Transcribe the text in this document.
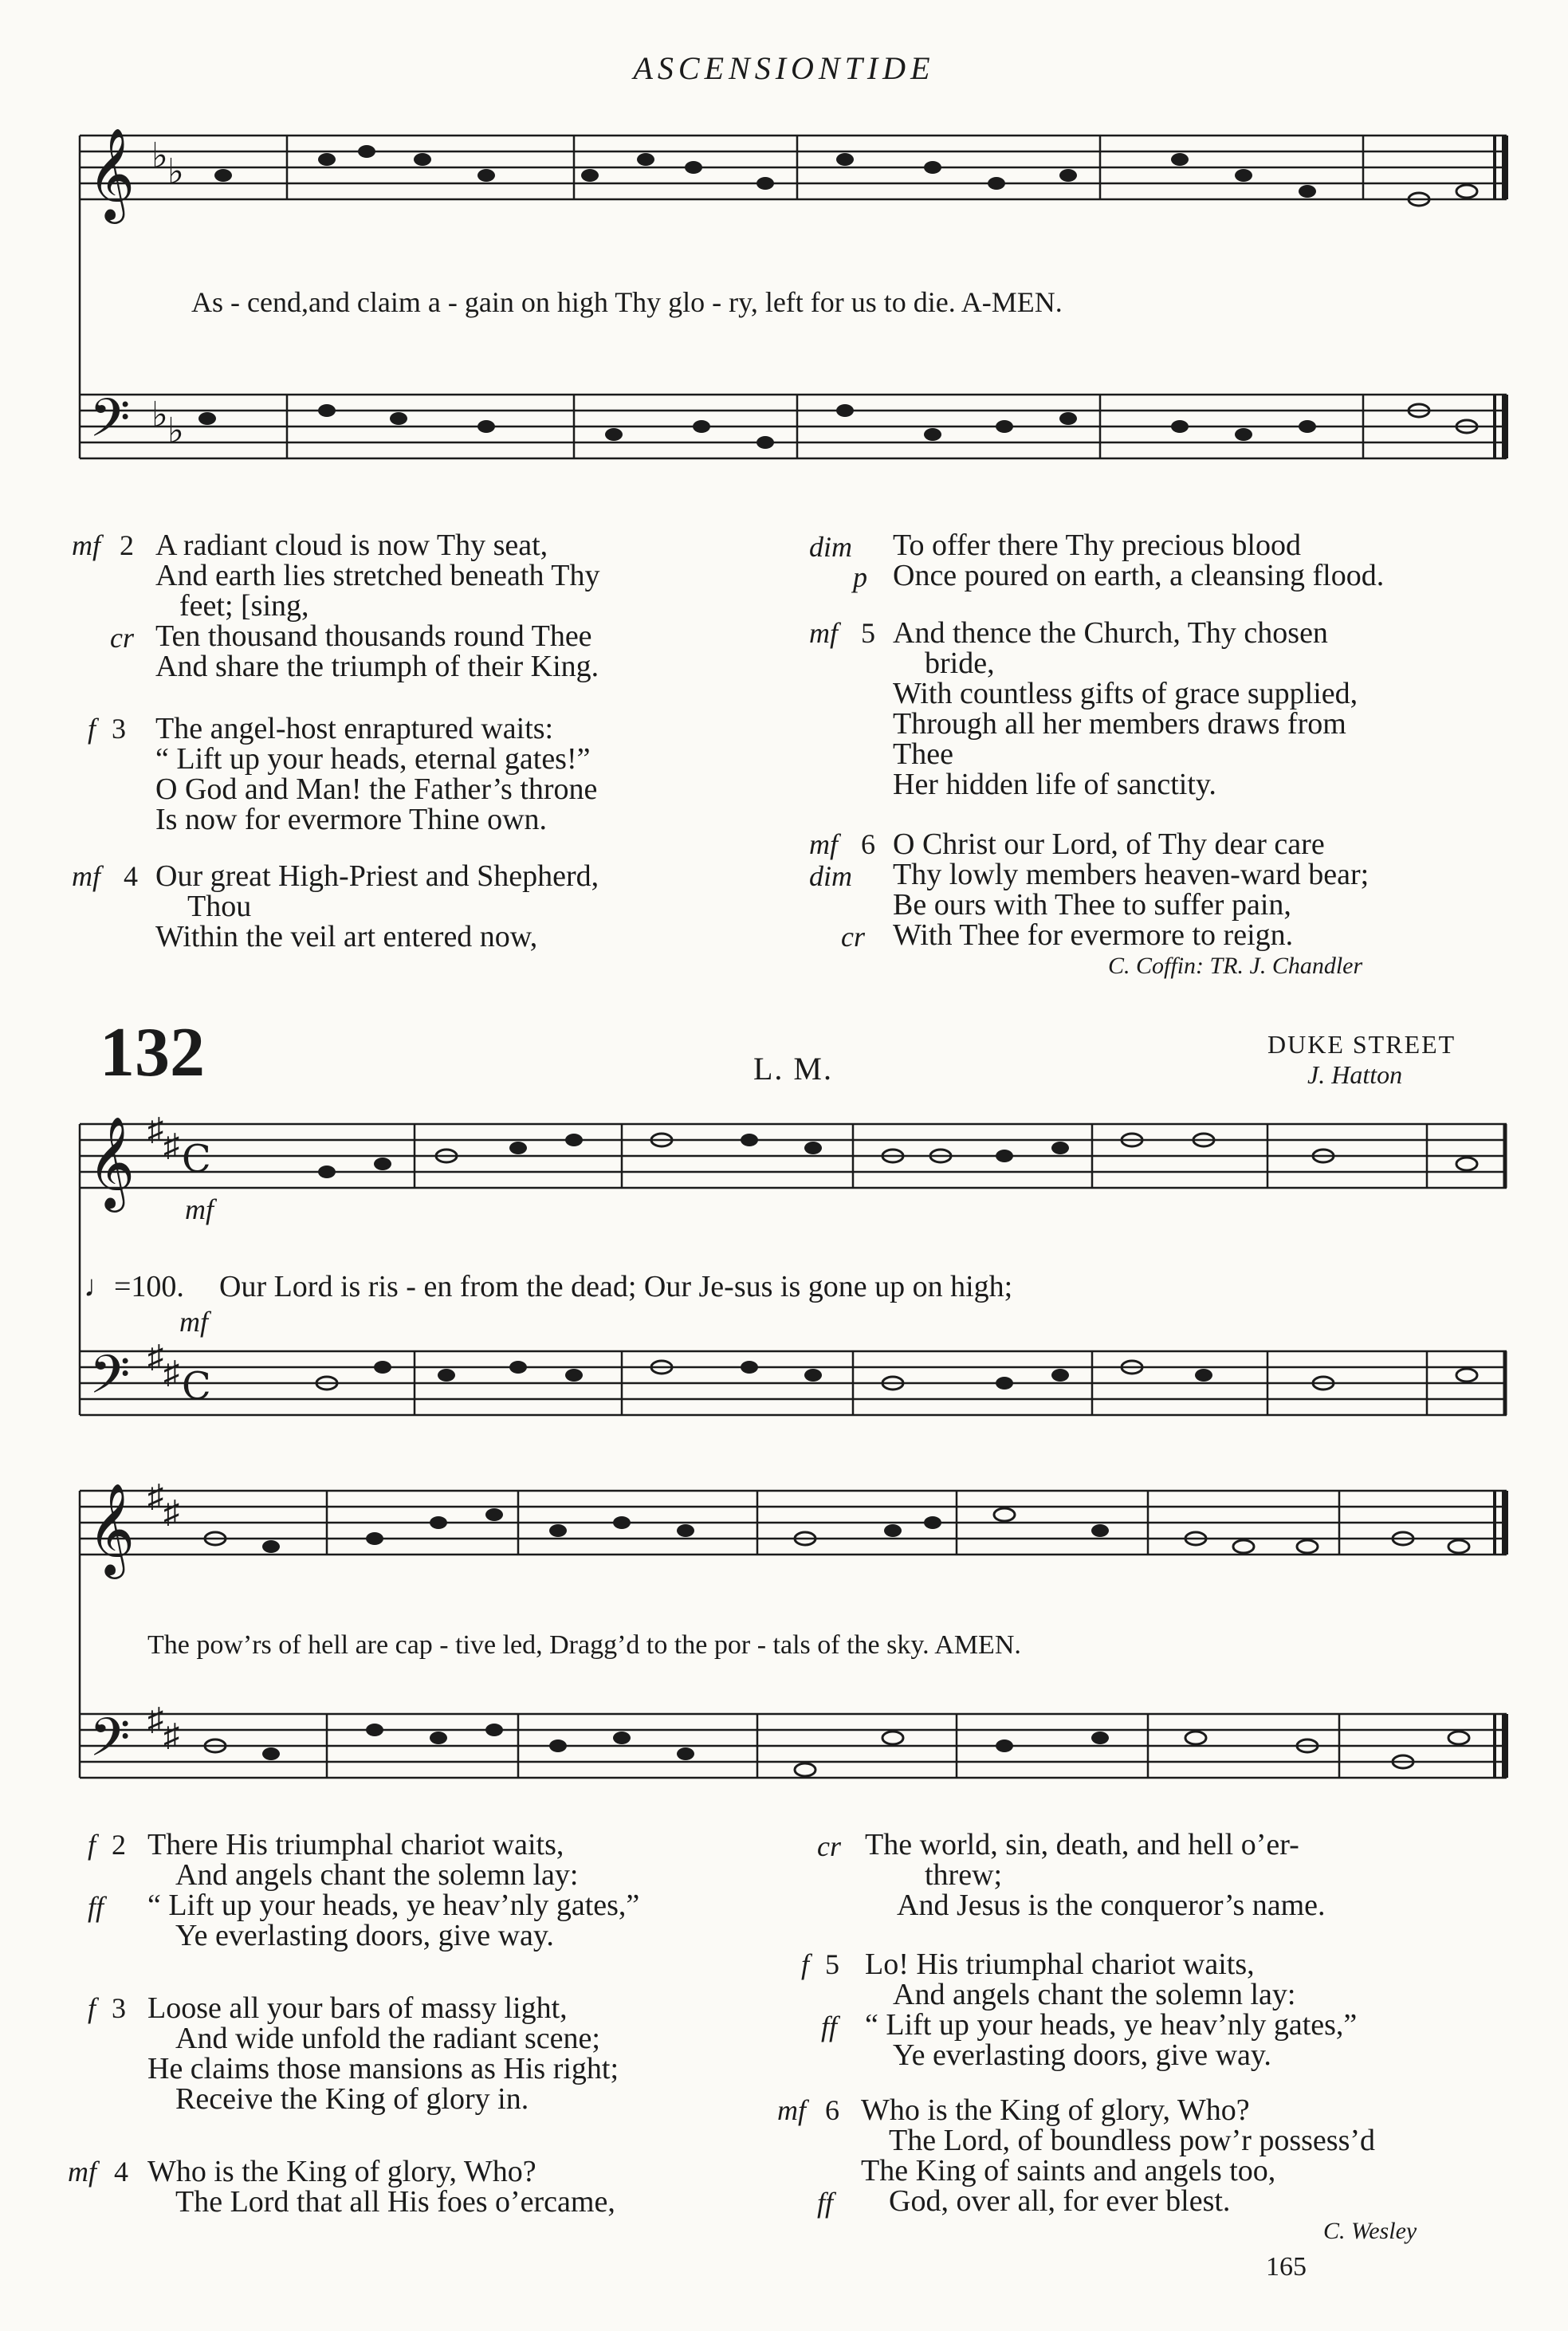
ASCENSIONTIDE
𝄞
𝄢
♭ ♭
♭ ♭
As - cend,and claim a - gain on high Thy glo - ry, left for us to die. A-MEN.
mf 2 A radiant cloud is now Thy seat,
And earth lies stretched beneath Thy
feet; [sing,
Ten thousand thousands round Thee
And share the triumph of their King.
cr
f 3 The angel-host enraptured waits:
“ Lift up your heads, eternal gates!”
O God and Man! the Father’s throne
Is now for evermore Thine own.
mf 4 Our great High-Priest and Shepherd,
Thou
Within the veil art entered now,
To offer there Thy precious blood
Once poured on earth, a cleansing flood.
dim
p
mf 5 And thence the Church, Thy chosen
bride,
With countless gifts of grace supplied,
Through all her members draws from
Thee
Her hidden life of sanctity.
mf 6 O Christ our Lord, of Thy dear care
Thy lowly members heaven-ward bear;
Be ours with Thee to suffer pain,
With Thee for evermore to reign.
dim
cr
C. Coffin: TR. J. Chandler
132	L. M.
DUKE STREET
J. Hatton
𝄞
𝄢
♯ ♯
♯ ♯
C
C
mf
♩=100. Our Lord is ris - en from the dead; Our Je-sus is gone up on high;
mf
𝄞
𝄢
♯ ♯
♯ ♯
The pow’rs of hell are cap - tive led, Dragg’d to the por - tals of the sky. AMEN.
f 2
ff
There His triumphal chariot waits,
And angels chant the solemn lay:
“ Lift up your heads, ye heav’nly gates,”
Ye everlasting doors, give way.
f 3 Loose all your bars of massy light,
And wide unfold the radiant scene;
He claims those mansions as His right;
Receive the King of glory in.
mf 4 Who is the King of glory, Who?
The Lord that all His foes o’ercame,
cr The world, sin, death, and hell o’er-
threw;
And Jesus is the conqueror’s name.
f 5
ff
Lo! His triumphal chariot waits,
And angels chant the solemn lay:
“ Lift up your heads, ye heav’nly gates,”
Ye everlasting doors, give way.
mf 6
ff
Who is the King of glory, Who?
The Lord, of boundless pow’r possess’d
The King of saints and angels too,
God, over all, for ever blest.
C. Wesley
165
